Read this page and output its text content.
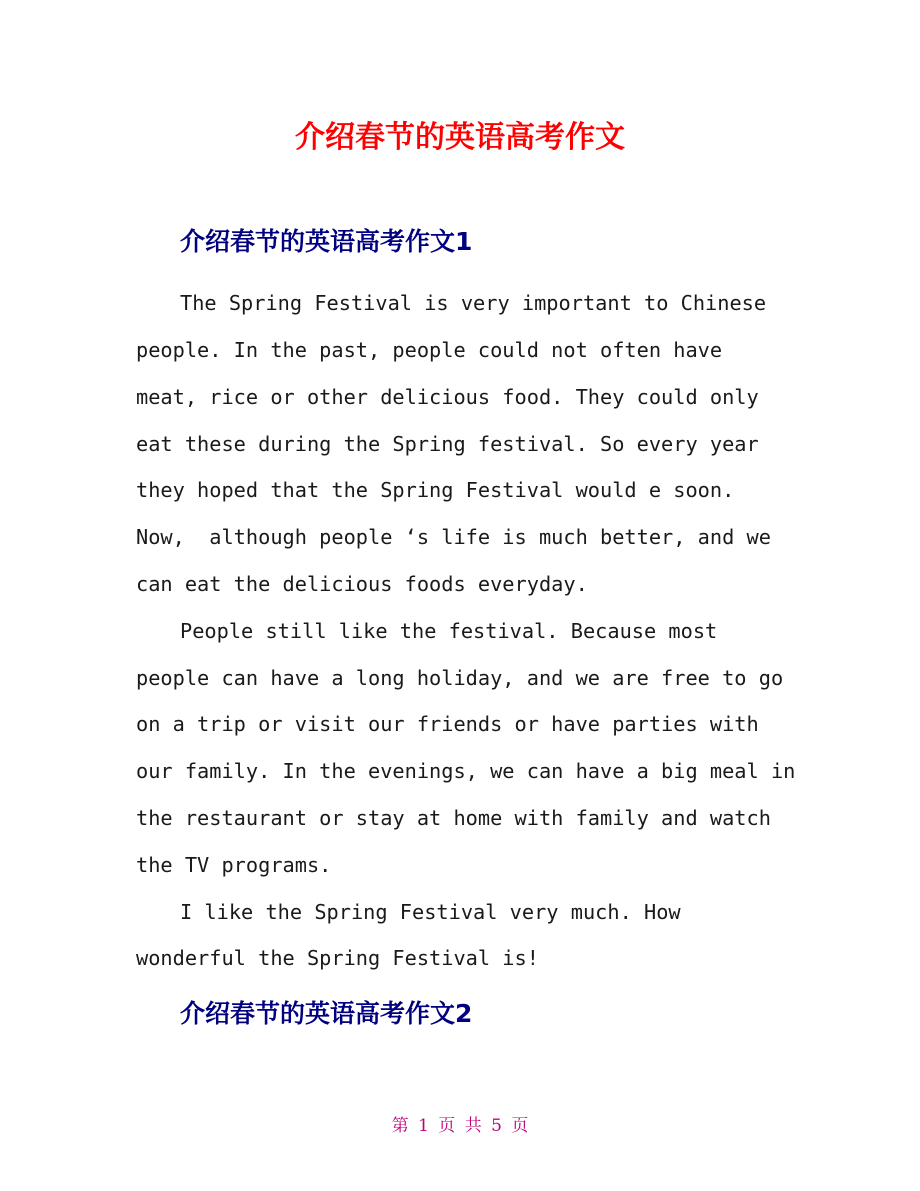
介绍春节的英语高考作文
介绍春节的英语高考作文1

The Spring Festival is very important to Chinese

people. In the past, people could not often have

meat, rice or other delicious food. They could only

eat these during the Spring festival. So every year

they hoped that the Spring Festival would e soon.

Now,  although people ‘s life is much better, and we

can eat the delicious foods everyday.

People still like the festival. Because most

people can have a long holiday, and we are free to go

on a trip or visit our friends or have parties with

our family. In the evenings, we can have a big meal in

the restaurant or stay at home with family and watch

the TV programs.

I like the Spring Festival very much. How

wonderful the Spring Festival is!

介绍春节的英语高考作文2
第 1 页 共 5 页
